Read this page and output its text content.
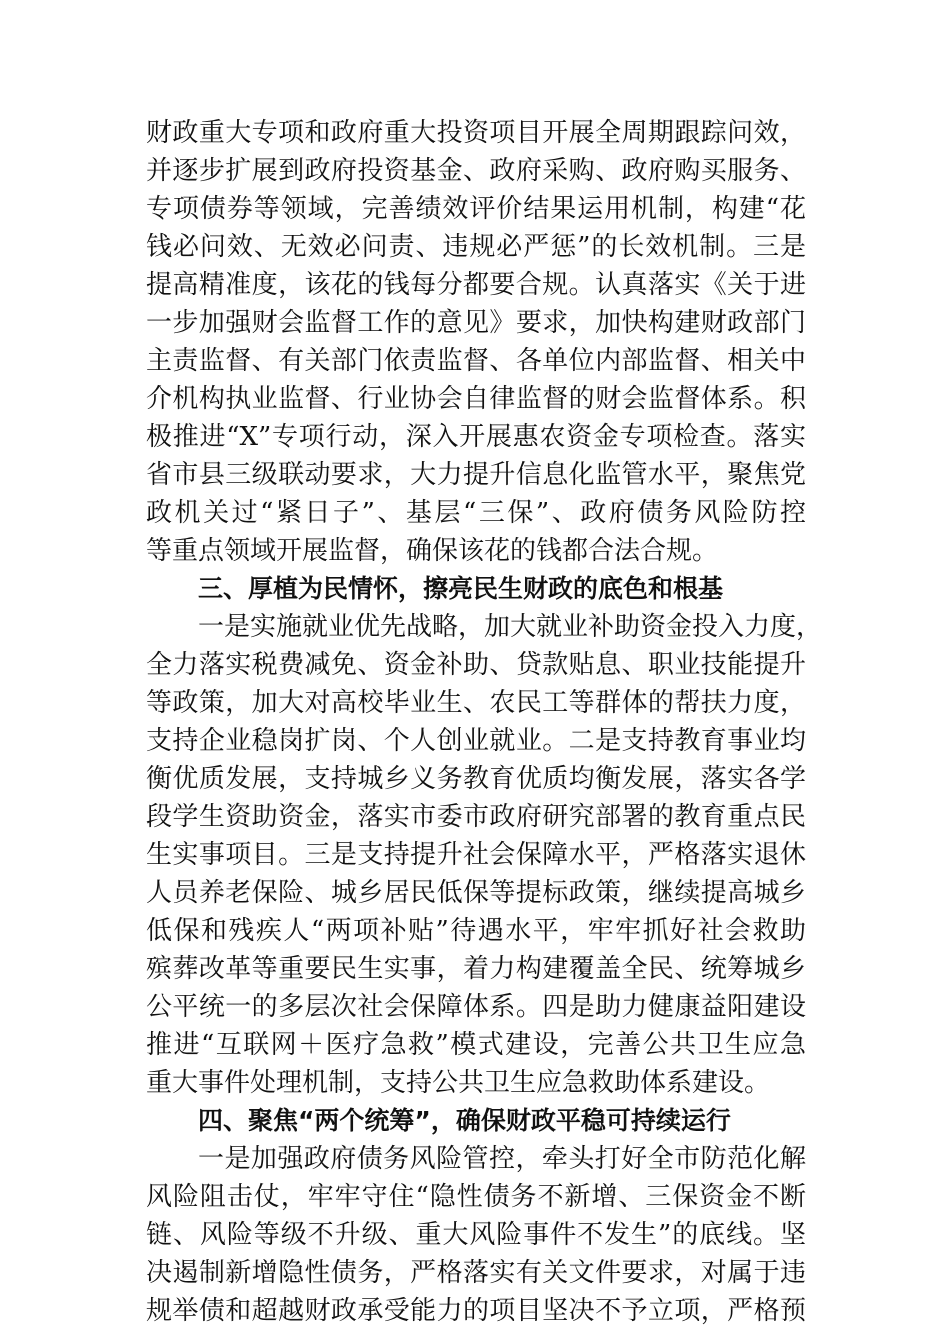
财政重大专项和政府重大投资项目开展全周期跟踪问效，
并逐步扩展到政府投资基金、政府采购、政府购买服务、
专项债券等领域，完善绩效评价结果运用机制，构建“花
钱必问效、无效必问责、违规必严惩”的长效机制。三是
提高精准度，该花的钱每分都要合规。认真落实《关于进
一步加强财会监督工作的意见》要求，加快构建财政部门
主责监督、有关部门依责监督、各单位内部监督、相关中
介机构执业监督、行业协会自律监督的财会监督体系。积
极推进“X”专项行动，深入开展惠农资金专项检查。落实
省市县三级联动要求，大力提升信息化监管水平，聚焦党
政机关过“紧日子”、基层“三保”、政府债务风险防控
等重点领域开展监督，确保该花的钱都合法合规。
三、厚植为民情怀，擦亮民生财政的底色和根基
一是实施就业优先战略，加大就业补助资金投入力度，
全力落实税费减免、资金补助、贷款贴息、职业技能提升
等政策，加大对高校毕业生、农民工等群体的帮扶力度，
支持企业稳岗扩岗、个人创业就业。二是支持教育事业均
衡优质发展，支持城乡义务教育优质均衡发展，落实各学
段学生资助资金，落实市委市政府研究部署的教育重点民
生实事项目。三是支持提升社会保障水平，严格落实退休
人员养老保险、城乡居民低保等提标政策，继续提高城乡
低保和残疾人“两项补贴”待遇水平，牢牢抓好社会救助
殡葬改革等重要民生实事，着力构建覆盖全民、统筹城乡
公平统一的多层次社会保障体系。四是助力健康益阳建设
推进“互联网＋医疗急救”模式建设，完善公共卫生应急
重大事件处理机制，支持公共卫生应急救助体系建设。
四、聚焦“两个统筹”，确保财政平稳可持续运行
一是加强政府债务风险管控，牵头打好全市防范化解
风险阻击仗，牢牢守住“隐性债务不新增、三保资金不断
链、风险等级不升级、重大风险事件不发生”的底线。坚
决遏制新增隐性债务，严格落实有关文件要求，对属于违
规举债和超越财政承受能力的项目坚决不予立项，严格预
